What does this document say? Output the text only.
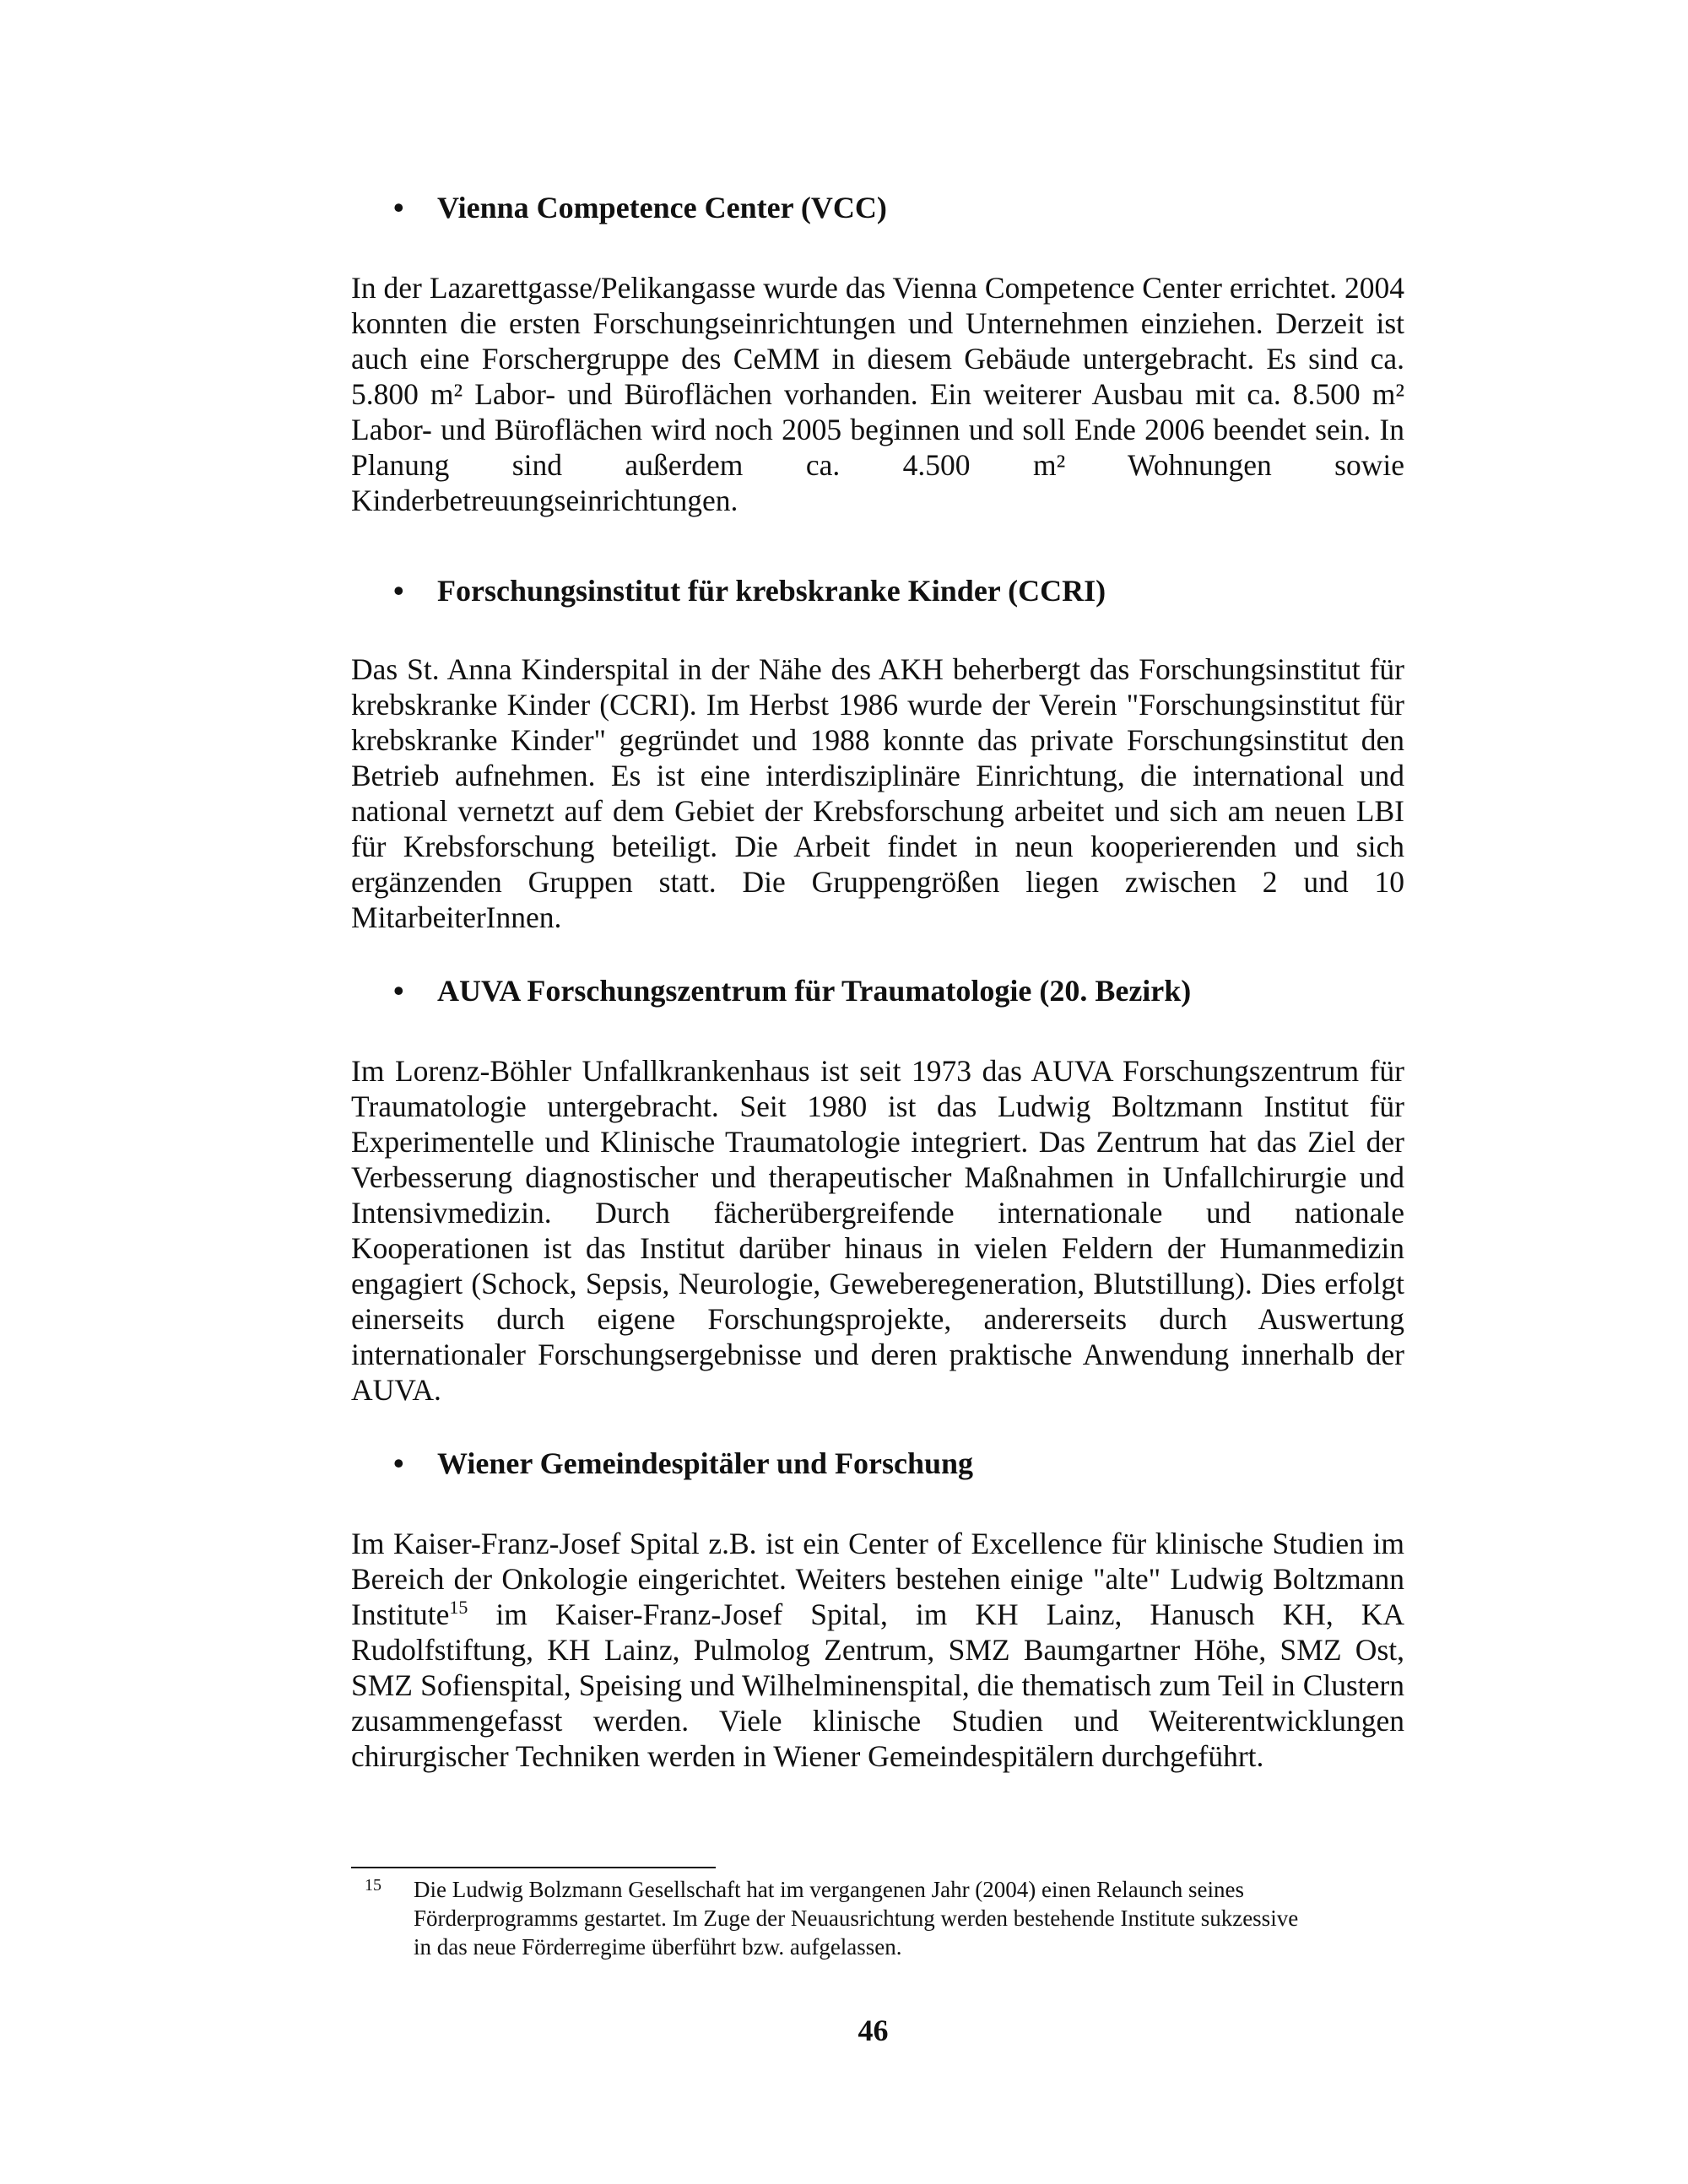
•	Vienna Competence Center (VCC)

In der Lazarettgasse/Pelikangasse wurde das Vienna Competence Center errichtet. 2004 konnten die ersten Forschungseinrichtungen und Unternehmen einziehen. Derzeit ist auch eine Forschergruppe des CeMM in diesem Gebäude untergebracht. Es sind ca. 5.800 m² Labor- und Büroflächen vorhanden. Ein weiterer Ausbau mit ca. 8.500 m² Labor- und Büroflächen wird noch 2005 beginnen und soll Ende 2006 beendet sein. In Planung sind außerdem ca. 4.500 m² Wohnungen sowie Kinderbetreuungseinrichtungen.

•	Forschungsinstitut für krebskranke Kinder (CCRI)

Das St. Anna Kinderspital in der Nähe des AKH beherbergt das Forschungsinstitut für krebskranke Kinder (CCRI). Im Herbst 1986 wurde der Verein "Forschungsinstitut für krebskranke Kinder" gegründet und 1988 konnte das private Forschungsinstitut den Betrieb aufnehmen. Es ist eine interdisziplinäre Einrichtung, die international und national vernetzt auf dem Gebiet der Krebsforschung arbeitet und sich am neuen LBI für Krebsforschung beteiligt. Die Arbeit findet in neun kooperierenden und sich ergänzenden Gruppen statt. Die Gruppengrößen liegen zwischen 2 und 10 MitarbeiterInnen.

•	AUVA Forschungszentrum für Traumatologie (20. Bezirk)

Im Lorenz-Böhler Unfallkrankenhaus ist seit 1973 das AUVA Forschungszentrum für Traumatologie untergebracht. Seit 1980 ist das Ludwig Boltzmann Institut für Experimentelle und Klinische Traumatologie integriert. Das Zentrum hat das Ziel der Verbesserung diagnostischer und therapeutischer Maßnahmen in Unfallchirurgie und Intensivmedizin. Durch fächerübergreifende internationale und nationale Kooperationen ist das Institut darüber hinaus in vielen Feldern der Humanmedizin engagiert (Schock, Sepsis, Neurologie, Geweberegeneration, Blutstillung). Dies erfolgt einerseits durch eigene Forschungsprojekte, andererseits durch Auswertung internationaler Forschungsergebnisse und deren praktische Anwendung innerhalb der AUVA.

•	Wiener Gemeindespitäler und Forschung

Im Kaiser-Franz-Josef Spital z.B. ist ein Center of Excellence für klinische Studien im Bereich der Onkologie eingerichtet. Weiters bestehen einige "alte" Ludwig Boltzmann Institute$^{15}$ im Kaiser-Franz-Josef Spital, im KH Lainz, Hanusch KH, KA Rudolfstiftung, KH Lainz, Pulmolog Zentrum, SMZ Baumgartner Höhe, SMZ Ost, SMZ Sofienspital, Speising und Wilhelminenspital, die thematisch zum Teil in Clustern zusammengefasst werden. Viele klinische Studien und Weiterentwicklungen chirurgischer Techniken werden in Wiener Gemeindespitälern durchgeführt.

15	Die Ludwig Bolzmann Gesellschaft hat im vergangenen Jahr (2004) einen Relaunch seines Förderprogramms gestartet. Im Zuge der Neuausrichtung werden bestehende Institute sukzessive in das neue Förderregime überführt bzw. aufgelassen.
46
